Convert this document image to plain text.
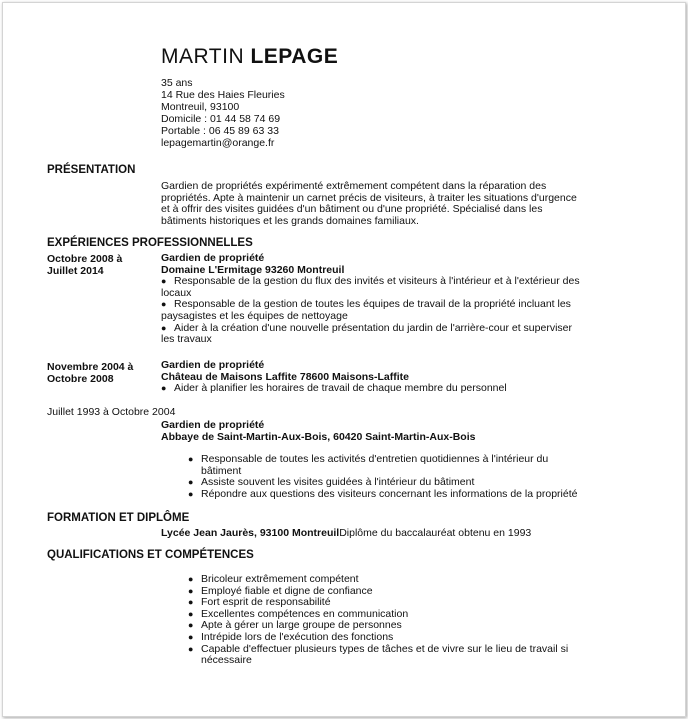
MARTIN LEPAGE
35 ans
14 Rue des Haies Fleuries
Montreuil, 93100
Domicile : 01 44 58 74 69
Portable : 06 45 89 63 33
lepagemartin@orange.fr
PRÉSENTATION
Gardien de propriétés expérimenté extrêmement compétent dans la réparation des
propriétés. Apte à maintenir un carnet précis de visiteurs, à traiter les situations d'urgence
et à offrir des visites guidées d'un bâtiment ou d'une propriété. Spécialisé dans les
bâtiments historiques et les grands domaines familiaux.
EXPÉRIENCES PROFESSIONNELLES
Octobre 2008 à
Juillet 2014
Gardien de propriété
Domaine L'Ermitage 93260 Montreuil
● Responsable de la gestion du flux des invités et visiteurs à l'intérieur et à l'extérieur des
locaux
● Responsable de la gestion de toutes les équipes de travail de la propriété incluant les
paysagistes et les équipes de nettoyage
● Aider à la création d'une nouvelle présentation du jardin de l'arrière-cour et superviser
les travaux
Novembre 2004 à
Octobre 2008
Gardien de propriété
Château de Maisons Laffite 78600 Maisons-Laffite
● Aider à planifier les horaires de travail de chaque membre du personnel
Juillet 1993 à Octobre 2004
Gardien de propriété
Abbaye de Saint-Martin-Aux-Bois, 60420 Saint-Martin-Aux-Bois
● Responsable de toutes les activités d'entretien quotidiennes à l'intérieur du
bâtiment
● Assiste souvent les visites guidées à l'intérieur du bâtiment
● Répondre aux questions des visiteurs concernant les informations de la propriété
FORMATION ET DIPLÔME
Lycée Jean Jaurès, 93100 MontreuilDiplôme du baccalauréat obtenu en 1993
QUALIFICATIONS ET COMPÉTENCES
● Bricoleur extrêmement compétent
● Employé fiable et digne de confiance
● Fort esprit de responsabilité
● Excellentes compétences en communication
● Apte à gérer un large groupe de personnes
● Intrépide lors de l'exécution des fonctions
● Capable d'effectuer plusieurs types de tâches et de vivre sur le lieu de travail si
nécessaire
